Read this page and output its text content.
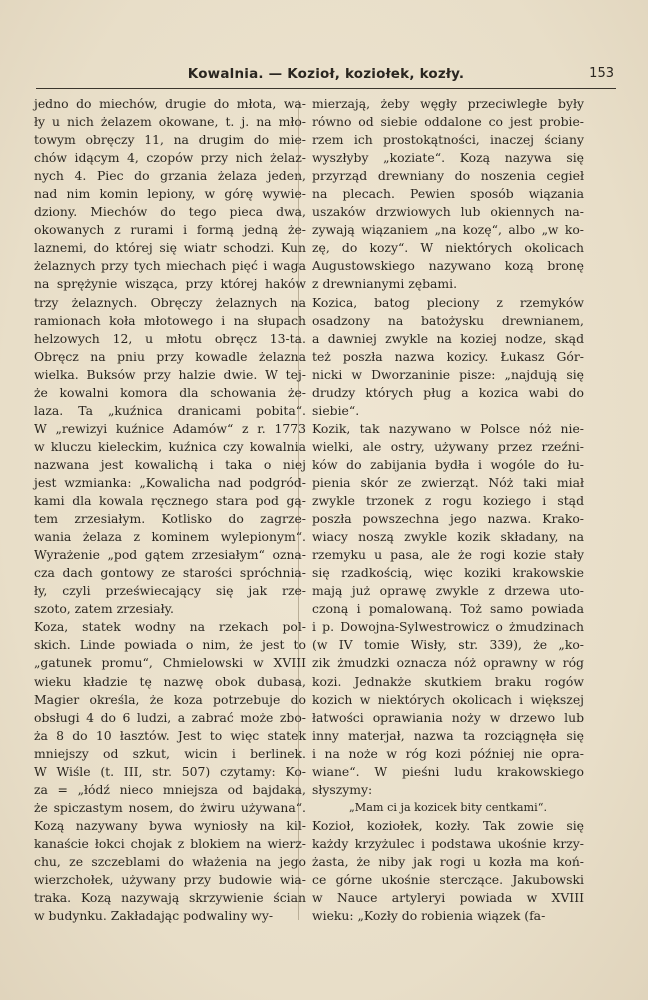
Kowalnia. — Kozioł, koziołek, kozły.	153
jedno do miechów, drugie do młota, wa-
ły u nich żelazem okowane, t. j. na mło-
towym obręczy 11, na drugim do mie-
chów idącym 4, czopów przy nich żelaz-
nych 4. Piec do grzania żelaza jeden,
nad nim komin lepiony, w górę wywie-
dziony. Miechów do tego pieca dwa,
okowanych z rurami i formą jedną że-
laznemi, do której się wiatr schodzi. Kun
żelaznych przy tych miechach pięć i waga
na sprężynie wisząca, przy której haków
trzy żelaznych. Obręczy żelaznych na
ramionach koła młotowego i na słupach
helzowych 12, u młotu obręcz 13-ta.
Obręcz na pniu przy kowadle żelazna
wielka. Buksów przy halzie dwie. W tej-
że kowalni komora dla schowania że-
laza. Ta „kuźnica dranicami pobita“.
W „rewizyi kuźnice Adamów“ z r. 1773
w kluczu kieleckim, kuźnica czy kowalnia
nazwana jest kowalichą i taka o niej
jest wzmianka: „Kowalicha nad podgród-
kami dla kowala ręcznego stara pod gą-
tem zrzesiałym. Kotlisko do zagrze-
wania żelaza z kominem wylepionym“.
Wyrażenie „pod gątem zrzesiałym“ ozna-
cza dach gontowy ze starości spróchnia-
ły, czyli przeświecający się jak rze-
szoto, zatem zrzesiały.
Koza, statek wodny na rzekach pol-
skich. Linde powiada o nim, że jest to
„gatunek promu“, Chmielowski w XVIII
wieku kładzie tę nazwę obok dubasa,
Magier określa, że koza potrzebuje do
obsługi 4 do 6 ludzi, a zabrać może zbo-
ża 8 do 10 łasztów. Jest to więc statek
mniejszy od szkut, wicin i berlinek.
W Wiśle (t. III, str. 507) czytamy: Ko-
za = „łódź nieco mniejsza od bajdaka,
że spiczastym nosem, do żwiru używana“.
Kozą nazywany bywa wyniosły na kil-
kanaście łokci chojak z blokiem na wierz-
chu, ze szczeblami do włażenia na jego
wierzchołek, używany przy budowie wia-
traka. Kozą nazywają skrzywienie ścian
w budynku. Zakładając podwaliny wy-
mierzają, żeby węgły przeciwległe były
równo od siebie oddalone co jest probie-
rzem ich prostokątności, inaczej ściany
wyszłyby „koziate“. Kozą nazywa się
przyrząd drewniany do noszenia cegieł
na plecach. Pewien sposób wiązania
uszaków drzwiowych lub okiennych na-
zywają wiązaniem „na kozę“, albo „w ko-
zę, do kozy“. W niektórych okolicach
Augustowskiego nazywano kozą bronę
z drewnianymi zębami.
Kozica, batog pleciony z rzemyków
osadzony na batożysku drewnianem,
a dawniej zwykle na koziej nodze, skąd
też poszła nazwa kozicy. Łukasz Gór-
nicki w Dworzaninie pisze: „najdują się
drudzy których pług a kozica wabi do
siebie“.
Kozik, tak nazywano w Polsce nóż nie-
wielki, ale ostry, używany przez rzeźni-
ków do zabijania bydła i wogóle do łu-
pienia skór ze zwierząt. Nóż taki miał
zwykle trzonek z rogu koziego i stąd
poszła powszechna jego nazwa. Krako-
wiacy noszą zwykle kozik składany, na
rzemyku u pasa, ale że rogi kozie stały
się rzadkością, więc koziki krakowskie
mają już oprawę zwykle z drzewa uto-
czoną i pomalowaną. Toż samo powiada
i p. Dowojna-Sylwestrowicz o żmudzinach
(w IV tomie Wisły, str. 339), że „ko-
zik żmudzki oznacza nóż oprawny w róg
kozi. Jednakże skutkiem braku rogów
kozich w niektórych okolicach i większej
łatwości oprawiania noży w drzewo lub
inny materjał, nazwa ta rozciągnęła się
i na noże w róg kozi później nie opra-
wiane“. W pieśni ludu krakowskiego
słyszymy:
„Mam ci ja kozicek bity centkami“.
Kozioł, koziołek, kozły. Tak zowie się
każdy krzyżulec i podstawa ukośnie krzy-
żasta, że niby jak rogi u kozła ma koń-
ce górne ukośnie sterczące. Jakubowski
w Nauce artyleryi powiada w XVIII
wieku: „Kozły do robienia wiązek (fa-
